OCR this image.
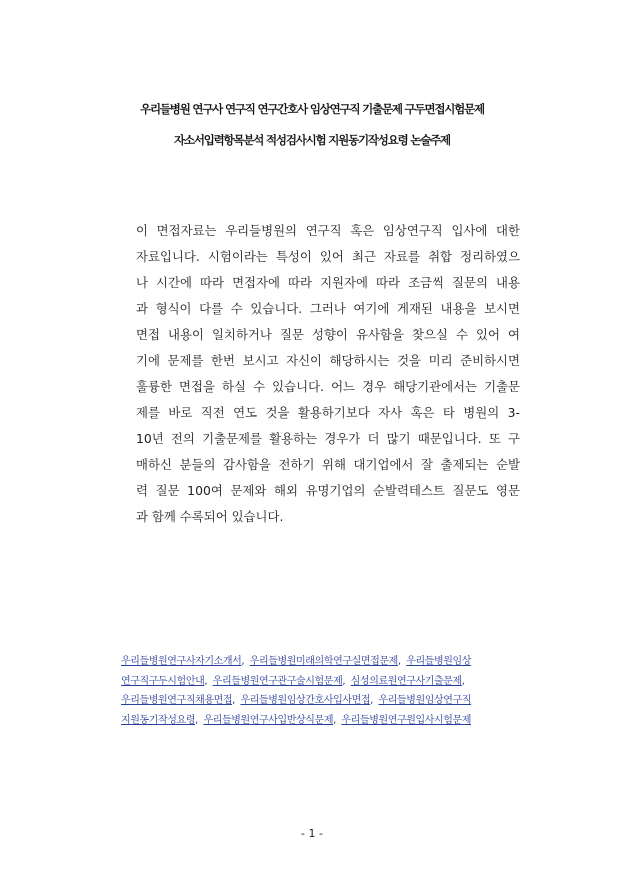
우리들병원 연구사 연구직 연구간호사 임상연구직 기출문제 구두면접시험문제
자소서입력항목분석 적성검사시험 지원동기작성요령 논술주제
이 면접자료는 우리들병원의 연구직 혹은 임상연구직 입사에 대한
자료입니다. 시험이라는 특성이 있어 최근 자료를 취합 정리하였으
나 시간에 따라 면접자에 따라 지원자에 따라 조금씩 질문의 내용
과 형식이 다를 수 있습니다. 그러나 여기에 게재된 내용을 보시면
면접 내용이 일치하거나 질문 성향이 유사함을 찾으실 수 있어 여
기에 문제를 한번 보시고 자신이 해당하시는 것을 미리 준비하시면
훌륭한 면접을 하실 수 있습니다. 어느 경우 해당기관에서는 기출문
제를 바로 직전 연도 것을 활용하기보다 자사 혹은 타 병원의 3-
10년 전의 기출문제를 활용하는 경우가 더 많기 때문입니다. 또 구
매하신 분들의 감사함을 전하기 위해 대기업에서 잘 출제되는 순발
력 질문 100여 문제와 해외 유명기업의 순발력테스트 질문도 영문
과 함께 수록되어 있습니다.
우리들병원연구사자기소개서, 우리들병원미래의학연구실면접문제, 우리들병원임상
연구직구두시험안내, 우리들병원연구관구술시험문제, 심성의료원연구사기출문제,
우리들병원연구직채용면접, 우리들병원임상간호사입사면접, 우리들병원임상연구직
지원동기작성요령, 우리들병원연구사입반상식문제, 우리들병원연구원입사시험문제
- 1 -
